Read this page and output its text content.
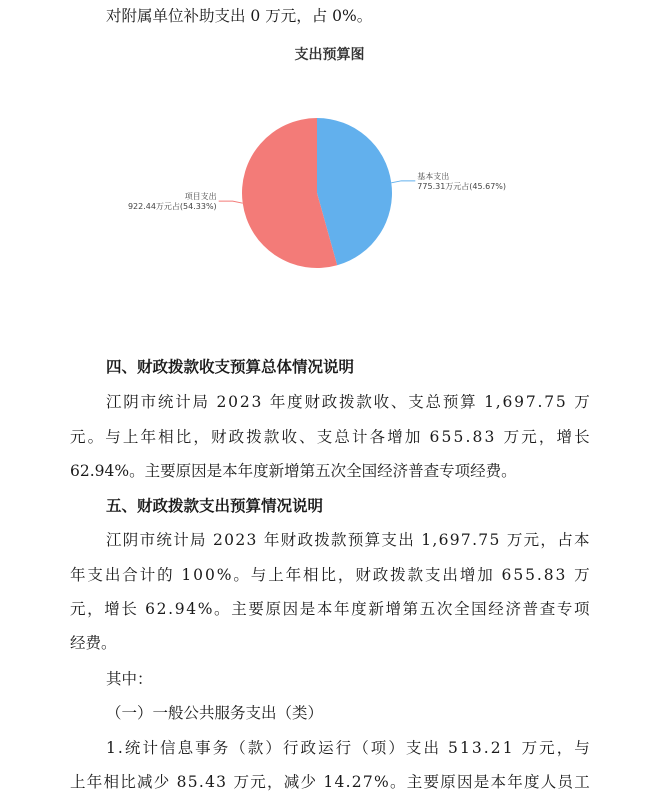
对附属单位补助支出 0 万元，占 0%。
支出预算图
基本支出
775.31万元占(45.67%)
项目支出
922.44万元占(54.33%)
四、财政拨款收支预算总体情况说明
江 阴 市 统 计 局
2 0 2 3
年 度 财 政 拨 款 收 、 支 总 预 算
1 , 6 9 7 . 7 5
万
元 。 与 上 年 相 比 ， 财 政 拨 款 收 、 支 总 计 各 增 加
6 5 5 . 8 3
万 元 ， 增 长
62.94%。主要原因是本年度新增第五次全国经济普查专项经费。
五、财政拨款支出预算情况说明
江 阴 市 统 计 局
2 0 2 3
年 财 政 拨 款 预 算 支 出
1 , 6 9 7 . 7 5
万 元 ， 占 本
年 支 出 合 计 的
1 0 0 % 。 与 上 年 相 比 ， 财 政 拨 款 支 出 增 加
6 5 5 . 8 3
万
元 ， 增 长
6 2 . 9 4 % 。 主 要 原 因 是 本 年 度 新 增 第 五 次 全 国 经 济 普 查 专 项
经费。
其中：
（一）一般公共服务支出（类）
1 . 统 计 信 息 事 务 （ 款 ） 行 政 运 行 （ 项 ） 支 出
5 1 3 . 2 1
万 元 ， 与
上 年 相 比 减 少
8 5 . 4 3
万 元 ， 减 少
1 4 . 2 7 % 。 主 要 原 因 是 本 年 度 人 员 工
